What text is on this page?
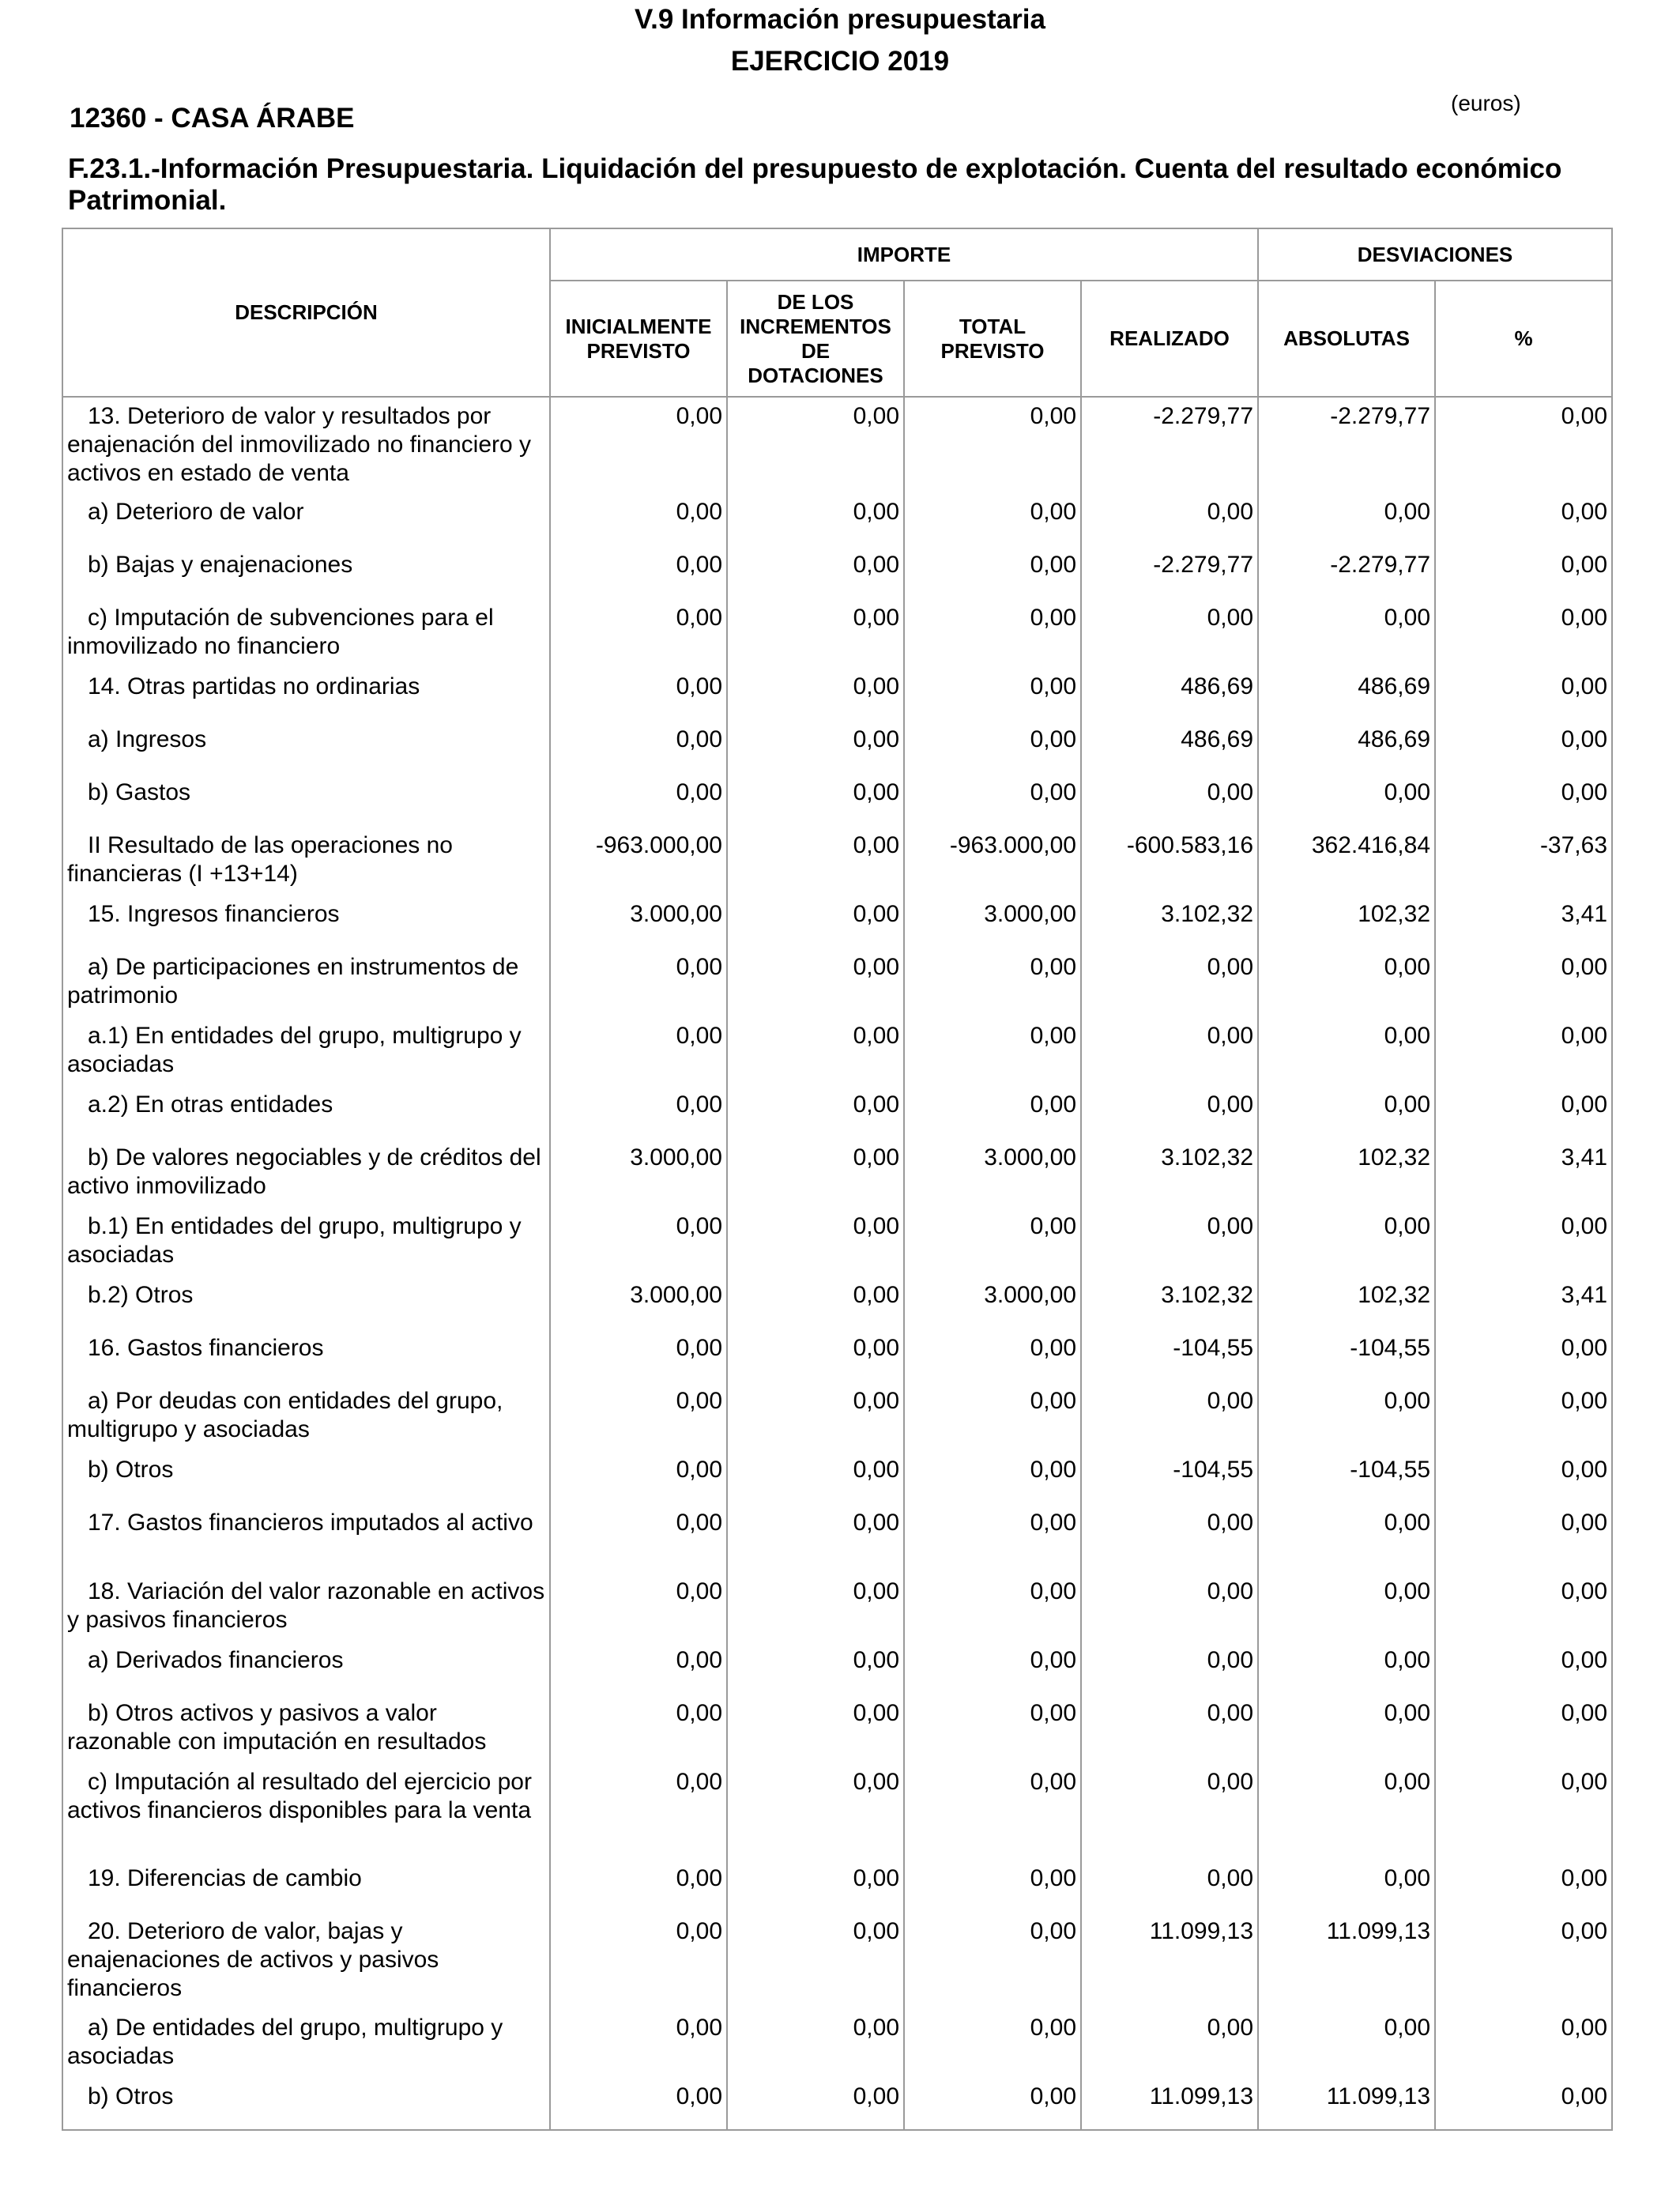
V.9 Información presupuestaria
EJERCICIO 2019
12360 - CASA ÁRABE	(euros)
F.23.1.-Información Presupuestaria. Liquidación del presupuesto de explotación. Cuenta del resultado económico Patrimonial.
DESCRIPCIÓN	IMPORTE				DESVIACIONES	
	INICIALMENTE PREVISTO	DE LOS INCREMENTOS DE DOTACIONES	TOTAL PREVISTO	REALIZADO	ABSOLUTAS	%
13. Deterioro de valor y resultados por enajenación del inmovilizado no financiero y activos en estado de venta	0,00	0,00	0,00	-2.279,77	-2.279,77	0,00
a) Deterioro de valor	0,00	0,00	0,00	0,00	0,00	0,00
b) Bajas y enajenaciones	0,00	0,00	0,00	-2.279,77	-2.279,77	0,00
c) Imputación de subvenciones para el inmovilizado no financiero	0,00	0,00	0,00	0,00	0,00	0,00
14. Otras partidas no ordinarias	0,00	0,00	0,00	486,69	486,69	0,00
a) Ingresos	0,00	0,00	0,00	486,69	486,69	0,00
b) Gastos	0,00	0,00	0,00	0,00	0,00	0,00
II Resultado de las operaciones no financieras (I +13+14)	-963.000,00	0,00	-963.000,00	-600.583,16	362.416,84	-37,63
15. Ingresos financieros	3.000,00	0,00	3.000,00	3.102,32	102,32	3,41
a) De participaciones en instrumentos de patrimonio	0,00	0,00	0,00	0,00	0,00	0,00
a.1) En entidades del grupo, multigrupo y asociadas	0,00	0,00	0,00	0,00	0,00	0,00
a.2) En otras entidades	0,00	0,00	0,00	0,00	0,00	0,00
b) De valores negociables y de créditos del activo inmovilizado	3.000,00	0,00	3.000,00	3.102,32	102,32	3,41
b.1) En entidades del grupo, multigrupo y asociadas	0,00	0,00	0,00	0,00	0,00	0,00
b.2) Otros	3.000,00	0,00	3.000,00	3.102,32	102,32	3,41
16. Gastos financieros	0,00	0,00	0,00	-104,55	-104,55	0,00
a) Por deudas con entidades del grupo, multigrupo y asociadas	0,00	0,00	0,00	0,00	0,00	0,00
b) Otros	0,00	0,00	0,00	-104,55	-104,55	0,00
17. Gastos financieros imputados al activo	0,00	0,00	0,00	0,00	0,00	0,00
18. Variación del valor razonable en activos y pasivos financieros	0,00	0,00	0,00	0,00	0,00	0,00
a) Derivados financieros	0,00	0,00	0,00	0,00	0,00	0,00
b) Otros activos y pasivos a valor razonable con imputación en resultados	0,00	0,00	0,00	0,00	0,00	0,00
c) Imputación al resultado del ejercicio por activos financieros disponibles para la venta	0,00	0,00	0,00	0,00	0,00	0,00
19. Diferencias de cambio	0,00	0,00	0,00	0,00	0,00	0,00
20. Deterioro de valor, bajas y enajenaciones de activos y pasivos financieros	0,00	0,00	0,00	11.099,13	11.099,13	0,00
a) De entidades del grupo, multigrupo y asociadas	0,00	0,00	0,00	0,00	0,00	0,00
b) Otros	0,00	0,00	0,00	11.099,13	11.099,13	0,00
